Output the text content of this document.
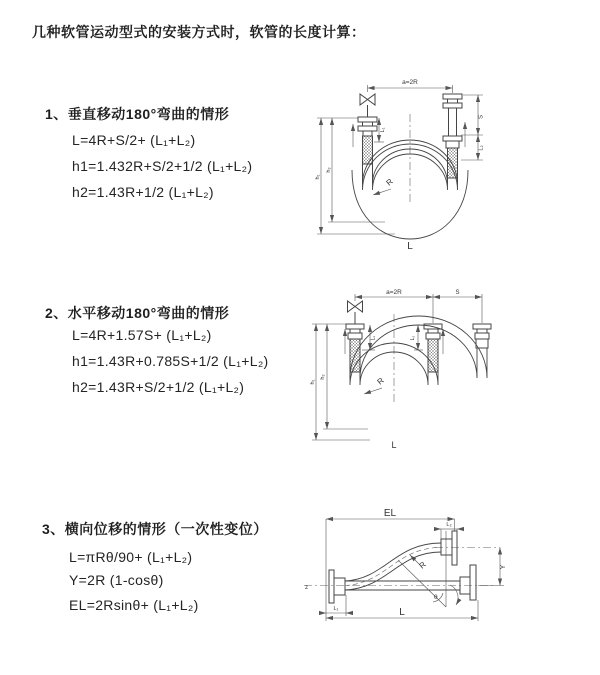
几种软管运动型式的安装方式时，软管的长度计算：
1、垂直移动180°弯曲的情形
L=4R+S/2+ (L₁+L₂)
h1=1.432R+S/2+1/2 (L₁+L₂)
h2=1.43R+1/2 (L₁+L₂)
a=2R
S
L₂
L₁
h₁
h₂
R
L
2、水平移动180°弯曲的情形
L=4R+1.57S+ (L₁+L₂)
h1=1.43R+0.785S+1/2 (L₁+L₂)
h2=1.43R+S/2+1/2 (L₁+L₂)
a=2R	S
L₁	L₂
h₁
h₂	R
L
3、横向位移的情形（一次性变位）
L=πRθ/90+ (L₁+L₂)
Y=2R (1-cosθ)
EL=2Rsinθ+ (L₁+L₂)
EL
L₂
Y
L
L₁
R
θ
z
